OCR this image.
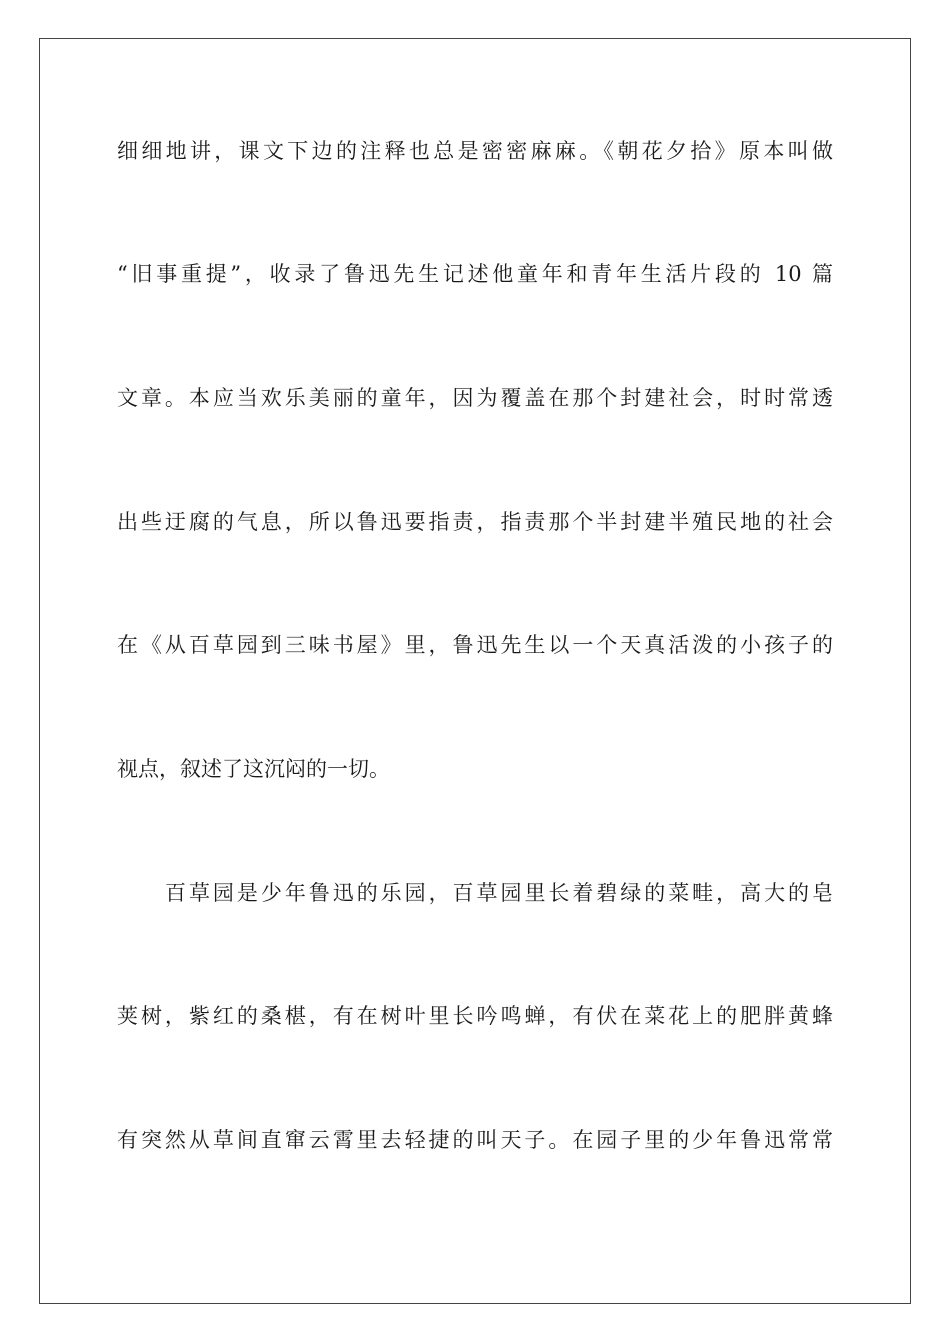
细细地讲，课文下边的注释也总是密密麻麻。《朝花夕拾》原本叫做
“旧事重提”，收录了鲁迅先生记述他童年和青年生活片段的 10 篇
文章。本应当欢乐美丽的童年，因为覆盖在那个封建社会，时时常透
出些迂腐的气息，所以鲁迅要指责，指责那个半封建半殖民地的社会
在《从百草园到三味书屋》里，鲁迅先生以一个天真活泼的小孩子的
视点，叙述了这沉闷的一切。
百草园是少年鲁迅的乐园，百草园里长着碧绿的菜畦，高大的皂
荚树，紫红的桑椹，有在树叶里长吟鸣蝉，有伏在菜花上的肥胖黄蜂
有突然从草间直窜云霄里去轻捷的叫天子。在园子里的少年鲁迅常常
